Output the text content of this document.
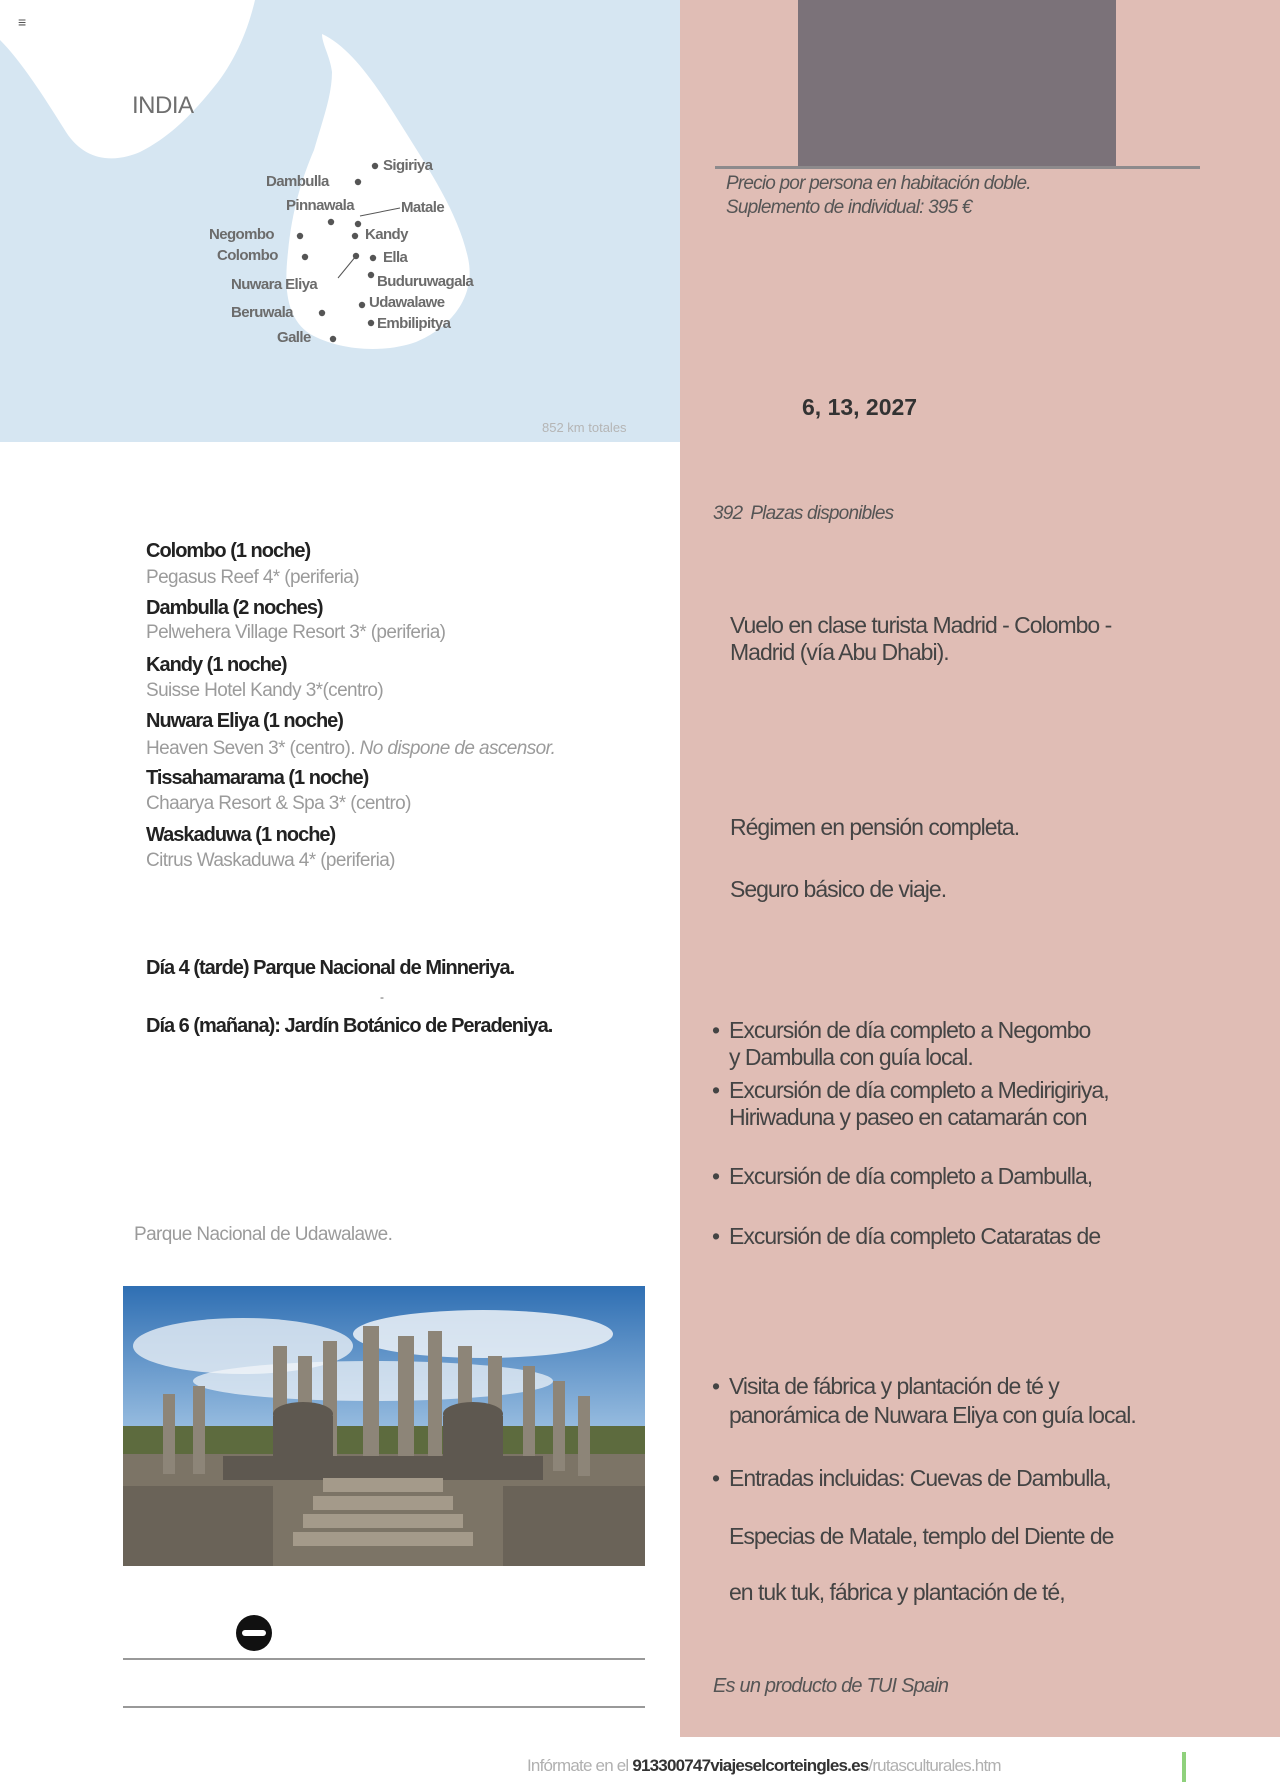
≡
INDIA
Sigiriya
Dambulla
Pinnawala	Matale
Negombo	Kandy
Colombo	Ella
Nuwara Eliya	Buduruwagala
Udawalawe
Beruwala
Embilipitya
Galle
852 km totales
Precio por persona en habitación doble.
Suplemento de individual: 395 €
6, 13, 2027
392 Plazas disponibles
Vuelo en clase turista Madrid - Colombo -
Madrid (vía Abu Dhabi).
Régimen en pensión completa.
Seguro básico de viaje.
• Excursión de día completo a Negombo
y Dambulla con guía local.
• Excursión de día completo a Medirigiriya,
Hiriwaduna y paseo en catamarán con
• Excursión de día completo a Dambulla,
• Excursión de día completo Cataratas de
• Visita de fábrica y plantación de té y
panorámica de Nuwara Eliya con guía local.
• Entradas incluidas: Cuevas de Dambulla,
Especias de Matale, templo del Diente de
en tuk tuk, fábrica y plantación de té,
Es un producto de TUI Spain
Colombo (1 noche)
Pegasus Reef 4* (periferia)
Dambulla (2 noches)
Pelwehera Village Resort 3* (periferia)
Kandy (1 noche)
Suisse Hotel Kandy 3*(centro)
Nuwara Eliya (1 noche)
Heaven Seven 3* (centro). No dispone de ascensor.
Tissahamarama (1 noche)
Chaarya Resort & Spa 3* (centro)
Waskaduwa (1 noche)
Citrus Waskaduwa 4* (periferia)
Día 4 (tarde) Parque Nacional de Minneriya.
-
Día 6 (mañana): Jardín Botánico de Peradeniya.
Parque Nacional de Udawalawe.
Infórmate en el 913300747viajeselcorteingles.es/rutasculturales.htm
